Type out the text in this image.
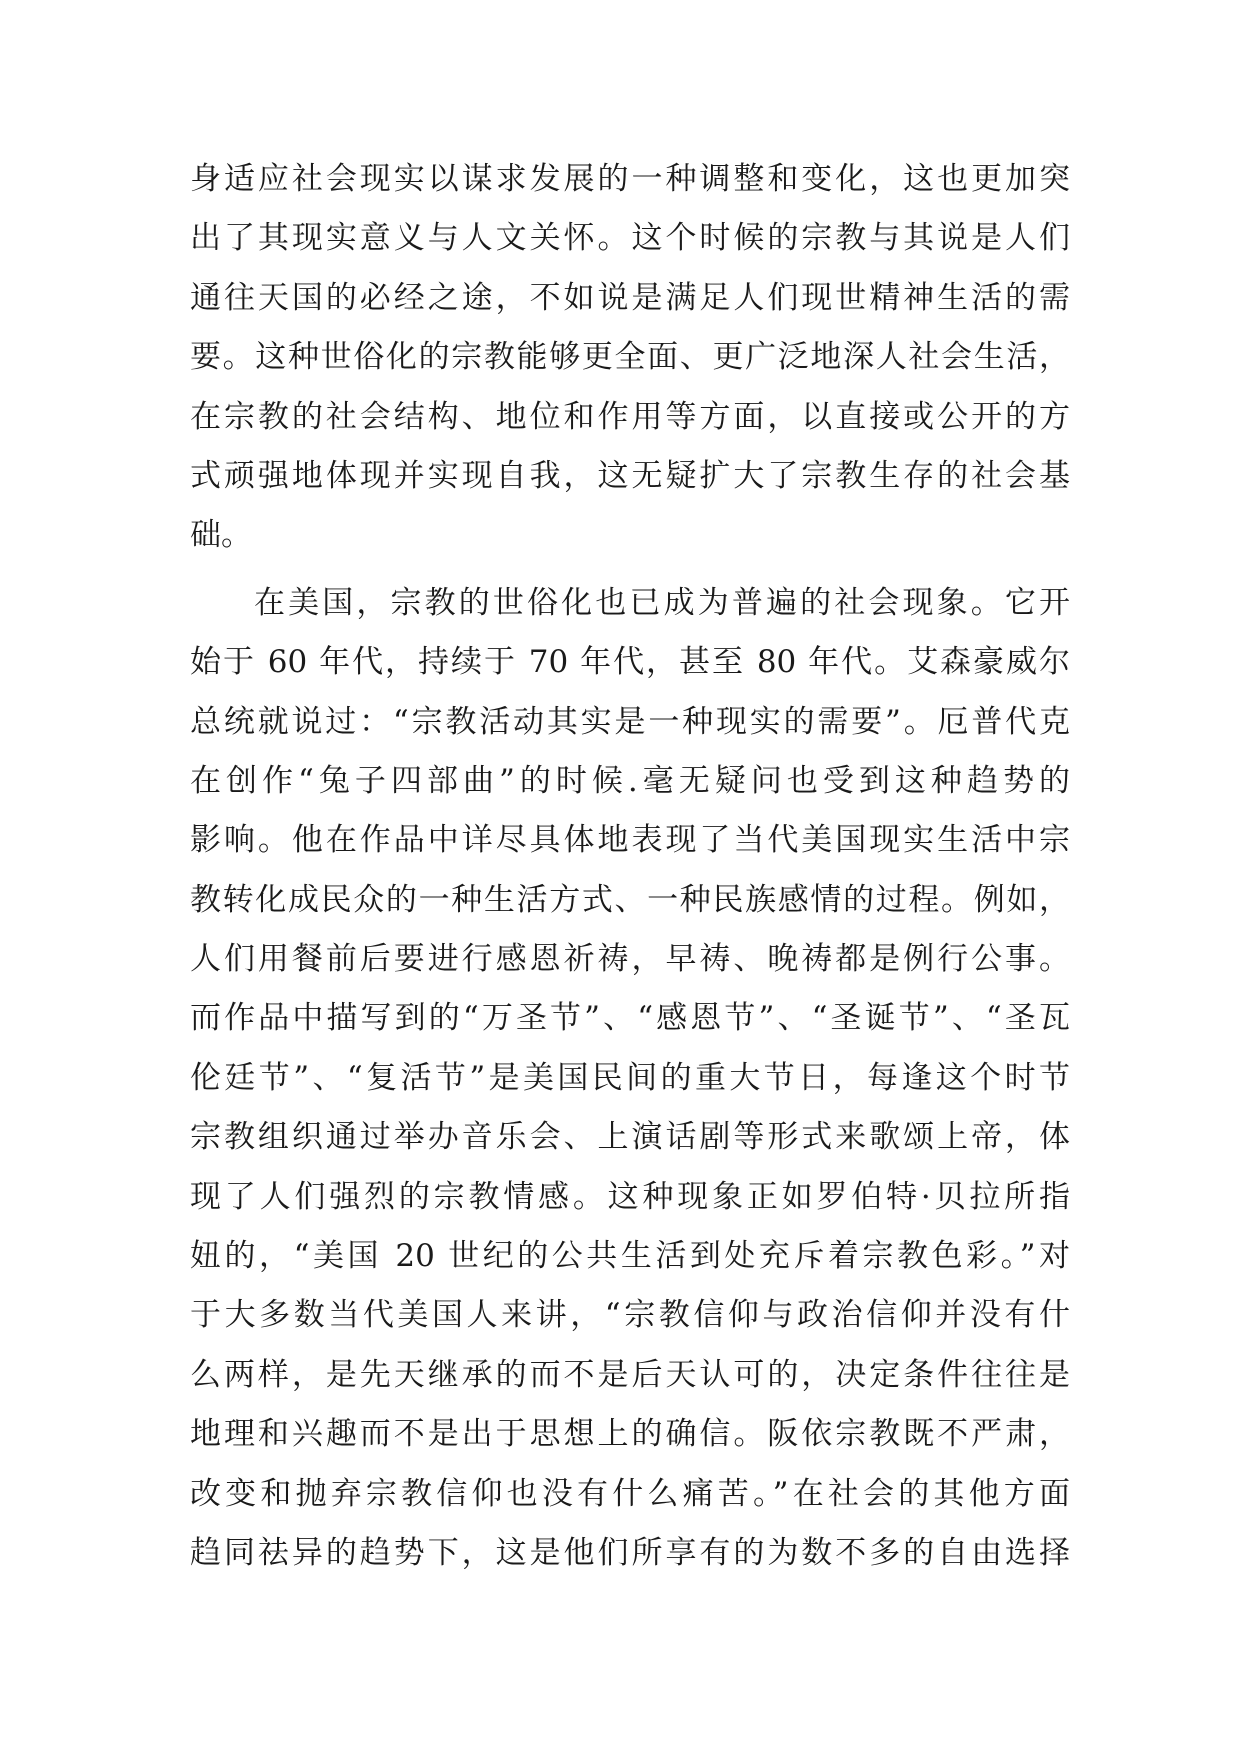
身适应社会现实以谋求发展的一种调整和变化，这也更加突
出了其现实意义与人文关怀。这个时候的宗教与其说是人们
通往天国的必经之途，不如说是满足人们现世精神生活的需
要。这种世俗化的宗教能够更全面、更广泛地深人社会生活，
在宗教的社会结构、地位和作用等方面，以直接或公开的方
式顽强地体现并实现自我，这无疑扩大了宗教生存的社会基
础。
在美国，宗教的世俗化也已成为普遍的社会现象。它开
始于 60 年代，持续于 70 年代，甚至 80 年代。艾森豪威尔
总统就说过：“宗教活动其实是一种现实的需要”。厄普代克
在创作“兔子四部曲”的时候.毫无疑问也受到这种趋势的
影响。他在作品中详尽具体地表现了当代美国现实生活中宗
教转化成民众的一种生活方式、一种民族感情的过程。例如，
人们用餐前后要进行感恩祈祷，早祷、晚祷都是例行公事。
而作品中描写到的“万圣节”、“感恩节”、“圣诞节”、“圣瓦
伦廷节”、“复活节”是美国民间的重大节日，每逢这个时节
宗教组织通过举办音乐会、上演话剧等形式来歌颂上帝，体
现了人们强烈的宗教情感。这种现象正如罗伯特·贝拉所指
妞的，“美国 20 世纪的公共生活到处充斥着宗教色彩。”对
于大多数当代美国人来讲，“宗教信仰与政治信仰并没有什
么两样，是先天继承的而不是后天认可的，决定条件往往是
地理和兴趣而不是出于思想上的确信。阪依宗教既不严肃，
改变和抛弃宗教信仰也没有什么痛苦。”在社会的其他方面
趋同祛异的趋势下，这是他们所享有的为数不多的自由选择
